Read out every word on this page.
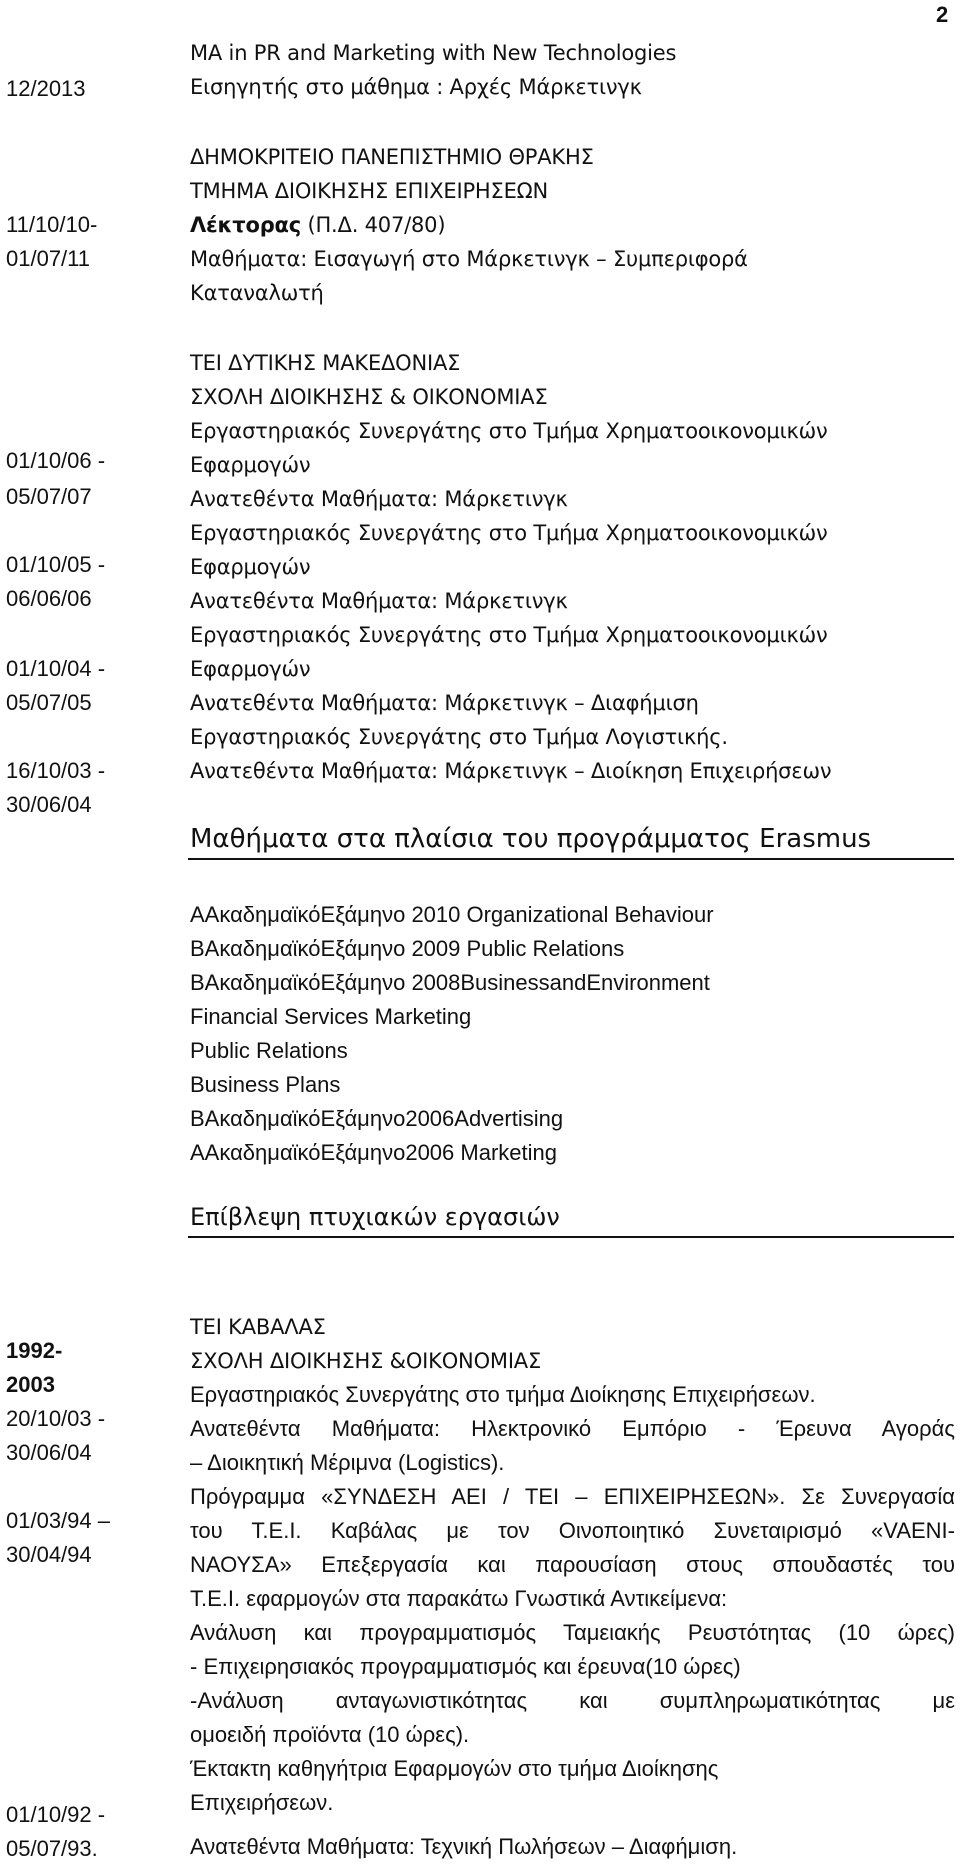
2
12/2013
MA in PR and Marketing with New Technologies
Εισηγητής στο μάθημα : Αρχές Μάρκετινγκ
11/10/10-
01/07/11
ΔΗΜΟΚΡΙΤΕΙΟ ΠΑΝΕΠΙΣΤΗΜΙΟ ΘΡΑΚΗΣ
ΤΜΗΜΑ ΔΙΟΙΚΗΣΗΣ ΕΠΙΧΕΙΡΗΣΕΩΝ
Λέκτορας (Π.Δ. 407/80)
Μαθήματα: Εισαγωγή στο Μάρκετινγκ – Συμπεριφορά
Καταναλωτή
01/10/06 -
05/07/07
01/10/05 -
06/06/06
01/10/04 -
05/07/05
16/10/03 -
30/06/04
ΤΕΙ ΔΥΤΙΚΗΣ ΜΑΚΕΔΟΝΙΑΣ
ΣΧΟΛΗ ΔΙΟΙΚΗΣΗΣ & ΟΙΚΟΝΟΜΙΑΣ
Εργαστηριακός Συνεργάτης στο Τμήμα Χρηματοοικονομικών
Εφαρμογών
Ανατεθέντα Μαθήματα: Μάρκετινγκ
Εργαστηριακός Συνεργάτης στο Τμήμα Χρηματοοικονομικών
Εφαρμογών
Ανατεθέντα Μαθήματα: Μάρκετινγκ
Εργαστηριακός Συνεργάτης στο Τμήμα Χρηματοοικονομικών
Εφαρμογών
Ανατεθέντα Μαθήματα: Μάρκετινγκ – Διαφήμιση
Εργαστηριακός Συνεργάτης στο Τμήμα Λογιστικής.
Ανατεθέντα Μαθήματα: Μάρκετινγκ – Διοίκηση Επιχειρήσεων
Μαθήματα στα πλαίσια του προγράμματος Erasmus
ΑΑκαδημαϊκόΕξάμηνο 2010 Organizational Behaviour
ΒΑκαδημαϊκόΕξάμηνο 2009 Public Relations
ΒΑκαδημαϊκόΕξάμηνο 2008BusinessandEnvironment
Financial Services Marketing
Public Relations
Business Plans
ΒΑκαδημαϊκόΕξάμηνο2006Advertising
ΑΑκαδημαϊκόΕξάμηνο2006 Marketing
Επίβλεψη πτυχιακών εργασιών
1992-
2003
20/10/03 -
30/06/04
01/03/94 –
30/04/94
01/10/92 -
05/07/93.
ΤΕΙ ΚΑΒΑΛΑΣ
ΣΧΟΛΗ ΔΙΟΙΚΗΣΗΣ &ΟΙΚΟΝΟΜΙΑΣ
Εργαστηριακός Συνεργάτης στο τμήμα Διοίκησης Επιχειρήσεων.
Ανατεθέντα Μαθήματα: Ηλεκτρονικό Εμπόριο - Έρευνα Αγοράς
– Διοικητική Μέριμνα (Logistics).
Πρόγραμμα «ΣΥΝΔΕΣΗ ΑΕΙ / ΤΕΙ – ΕΠΙΧΕΙΡΗΣΕΩΝ». Σε Συνεργασία
του Τ.Ε.Ι. Καβάλας με τον Οινοποιητικό Συνεταιρισμό «VAENI-
ΝΑΟΥΣΑ» Επεξεργασία και παρουσίαση στους σπουδαστές του
Τ.Ε.Ι. εφαρμογών στα παρακάτω Γνωστικά Αντικείμενα:
Ανάλυση και προγραμματισμός Ταμειακής Ρευστότητας (10 ώρες)
- Επιχειρησιακός προγραμματισμός και έρευνα(10 ώρες)
-Ανάλυση ανταγωνιστικότητας και συμπληρωματικότητας με
ομοειδή προϊόντα (10 ώρες).
Έκτακτη καθηγήτρια Εφαρμογών στο τμήμα Διοίκησης
Επιχειρήσεων.
Ανατεθέντα Μαθήματα: Τεχνική Πωλήσεων – Διαφήμιση.
